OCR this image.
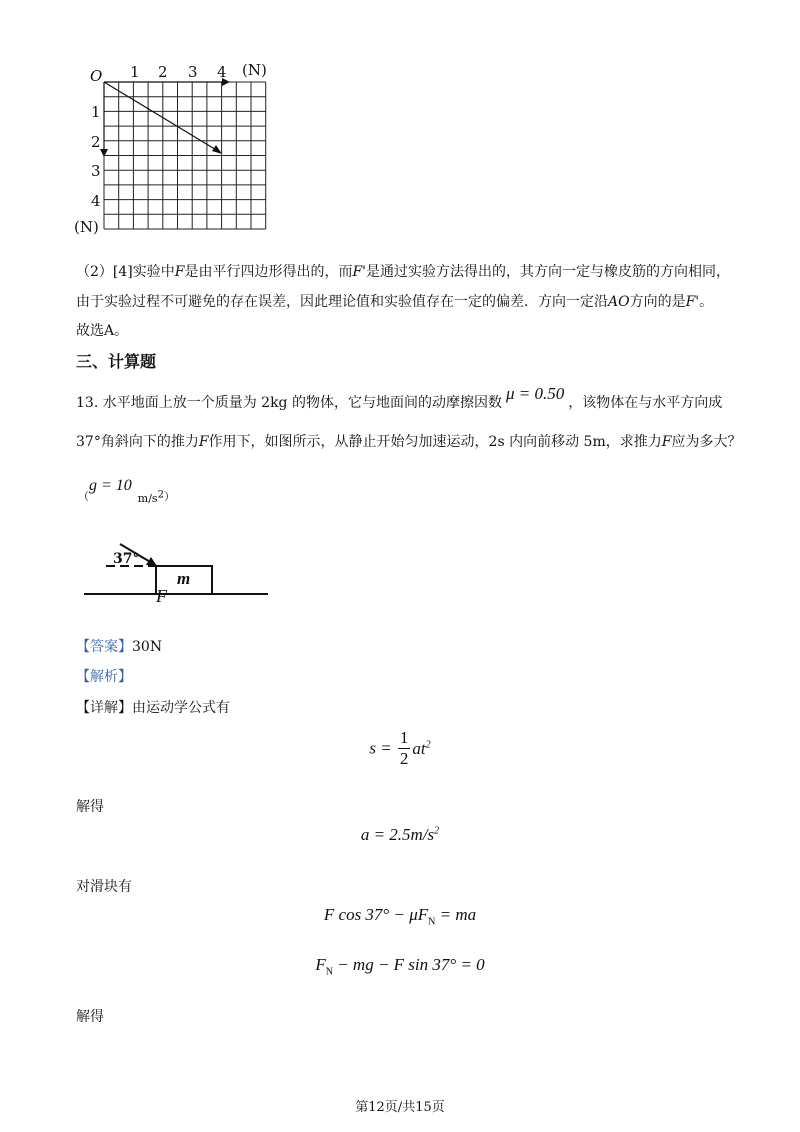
O 1 2 3 4 (N)
1
2
3
4
(N)
（2）[4]实验中F是由平行四边形得出的，而F'是通过实验方法得出的，其方向一定与橡皮筋的方向相同，
由于实验过程不可避免的存在误差，因此理论值和实验值存在一定的偏差．方向一定沿AO方向的是F'。
故选A。
三、计算题
13. 水平地面上放一个质量为 2kg 的物体，它与地面间的动摩擦因数 μ = 0.50 ，该物体在与水平方向成
37°角斜向下的推力F作用下，如图所示，从静止开始匀加速运动，2s 内向前移动 5m，求推力F应为多大？
$_(g = 10_{m/s^2)}$
37°
m
F
【答案】30N
【解析】
【详解】由运动学公式有
$s = \frac{1}{2} at^2$
解得
$a = 2.5m/s^2$
对滑块有
F $\cos 37^\circ - \mu F_N$ = ma
$F_N$ − mg − F sin 37° = 0
解得
第12页/共15页
